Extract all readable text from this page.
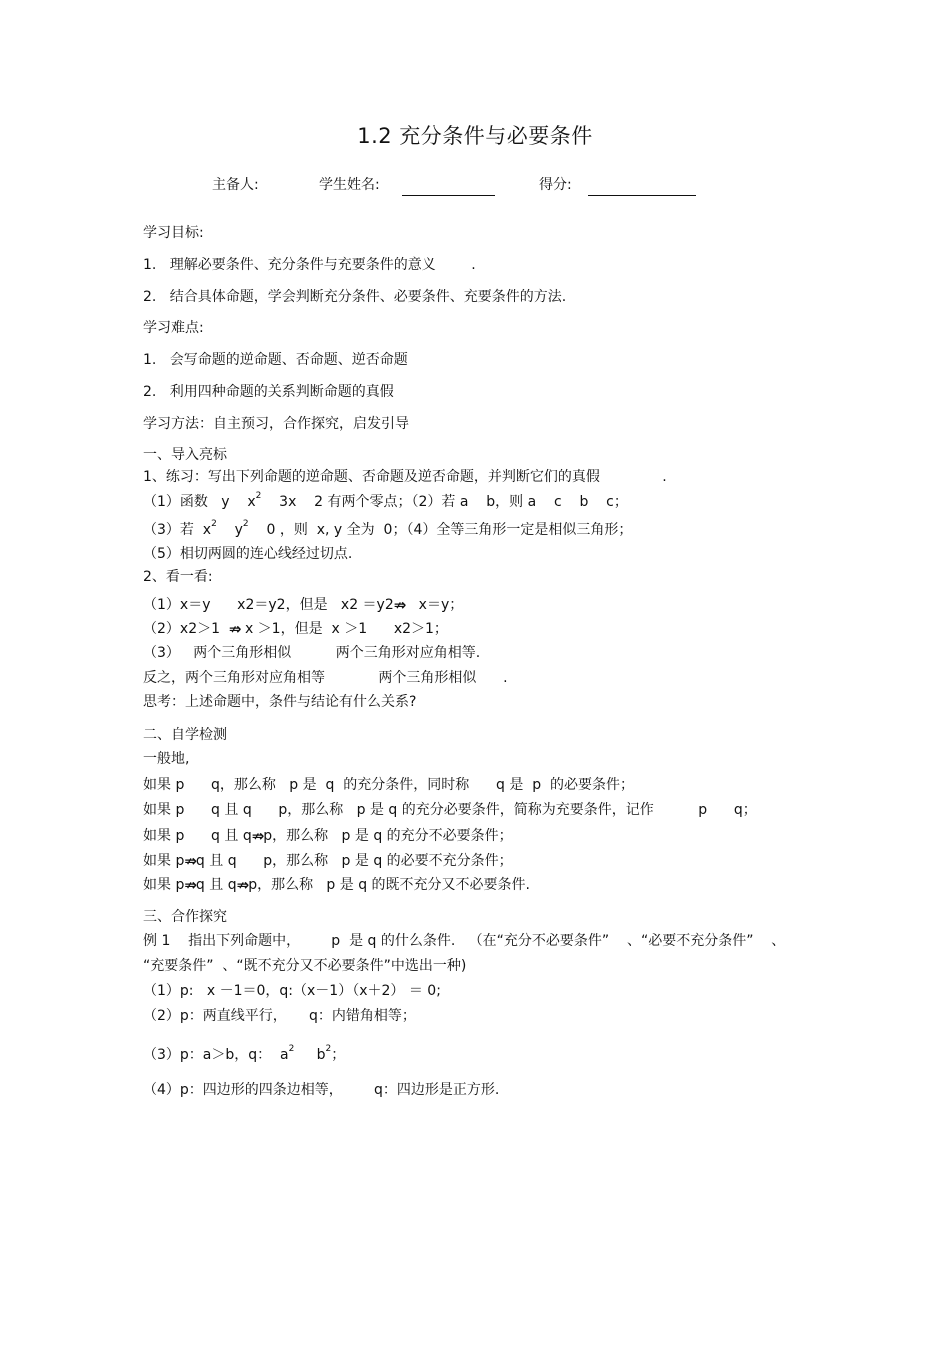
1.2 充分条件与必要条件
主备人:	学生姓名:	得分:
学习目标:
1.   理解必要条件、充分条件与充要条件的意义        .
2.   结合具体命题，学会判断充分条件、必要条件、充要条件的方法.
学习难点:
1.   会写命题的逆命题、否命题、逆否命题
2.   利用四种命题的关系判断命题的真假
学习方法：自主预习，合作探究，启发引导
一、导入亮标
1、练习：写出下列命题的逆命题、否命题及逆否命题，并判断它们的真假              .
（1）函数   y    $x^2$    3x    2 有两个零点；（2）若 a    b，则 a    c    b    c；
（3）若  $x^2$    $y^2$    0 ，则  x, y 全为  0；（4）全等三角形一定是相似三角形；
（5）相切两圆的连心线经过切点.
2、看一看:
（1）x＝y      x2＝y2，但是   x2 ＝y2⇏   x＝y；
（2）x2＞1  ⇏ x ＞1，但是  x ＞1      x2＞1；
（3）   两个三角形相似          两个三角形对应角相等.
反之，两个三角形对应角相等            两个三角形相似      .
思考：上述命题中，条件与结论有什么关系?
二、自学检测
一般地,
如果 p      q，那么称   p 是  q  的充分条件，同时称      q 是  p  的必要条件；
如果 p      q 且 q      p，那么称   p 是 q 的充分必要条件，简称为充要条件，记作          p      q；
如果 p      q 且 q⇏p，那么称   p 是 q 的充分不必要条件；
如果 p⇏q 且 q      p，那么称   p 是 q 的必要不充分条件；
如果 p⇏q 且 q⇏p，那么称   p 是 q 的既不充分又不必要条件.
三、合作探究
例 1    指出下列命题中，       p  是 q 的什么条件.   （在“充分不必要条件”    、“必要不充分条件”    、
“充要条件”  、“既不充分又不必要条件”中选出一种)
（1）p:   x －1＝0，q:（x－1）（x＋2） ＝ 0;
（2）p：两直线平行，     q：内错角相等；
（3）p：a＞b，q：  $a^2$     $b^2$；
（4）p：四边形的四条边相等，       q：四边形是正方形.
